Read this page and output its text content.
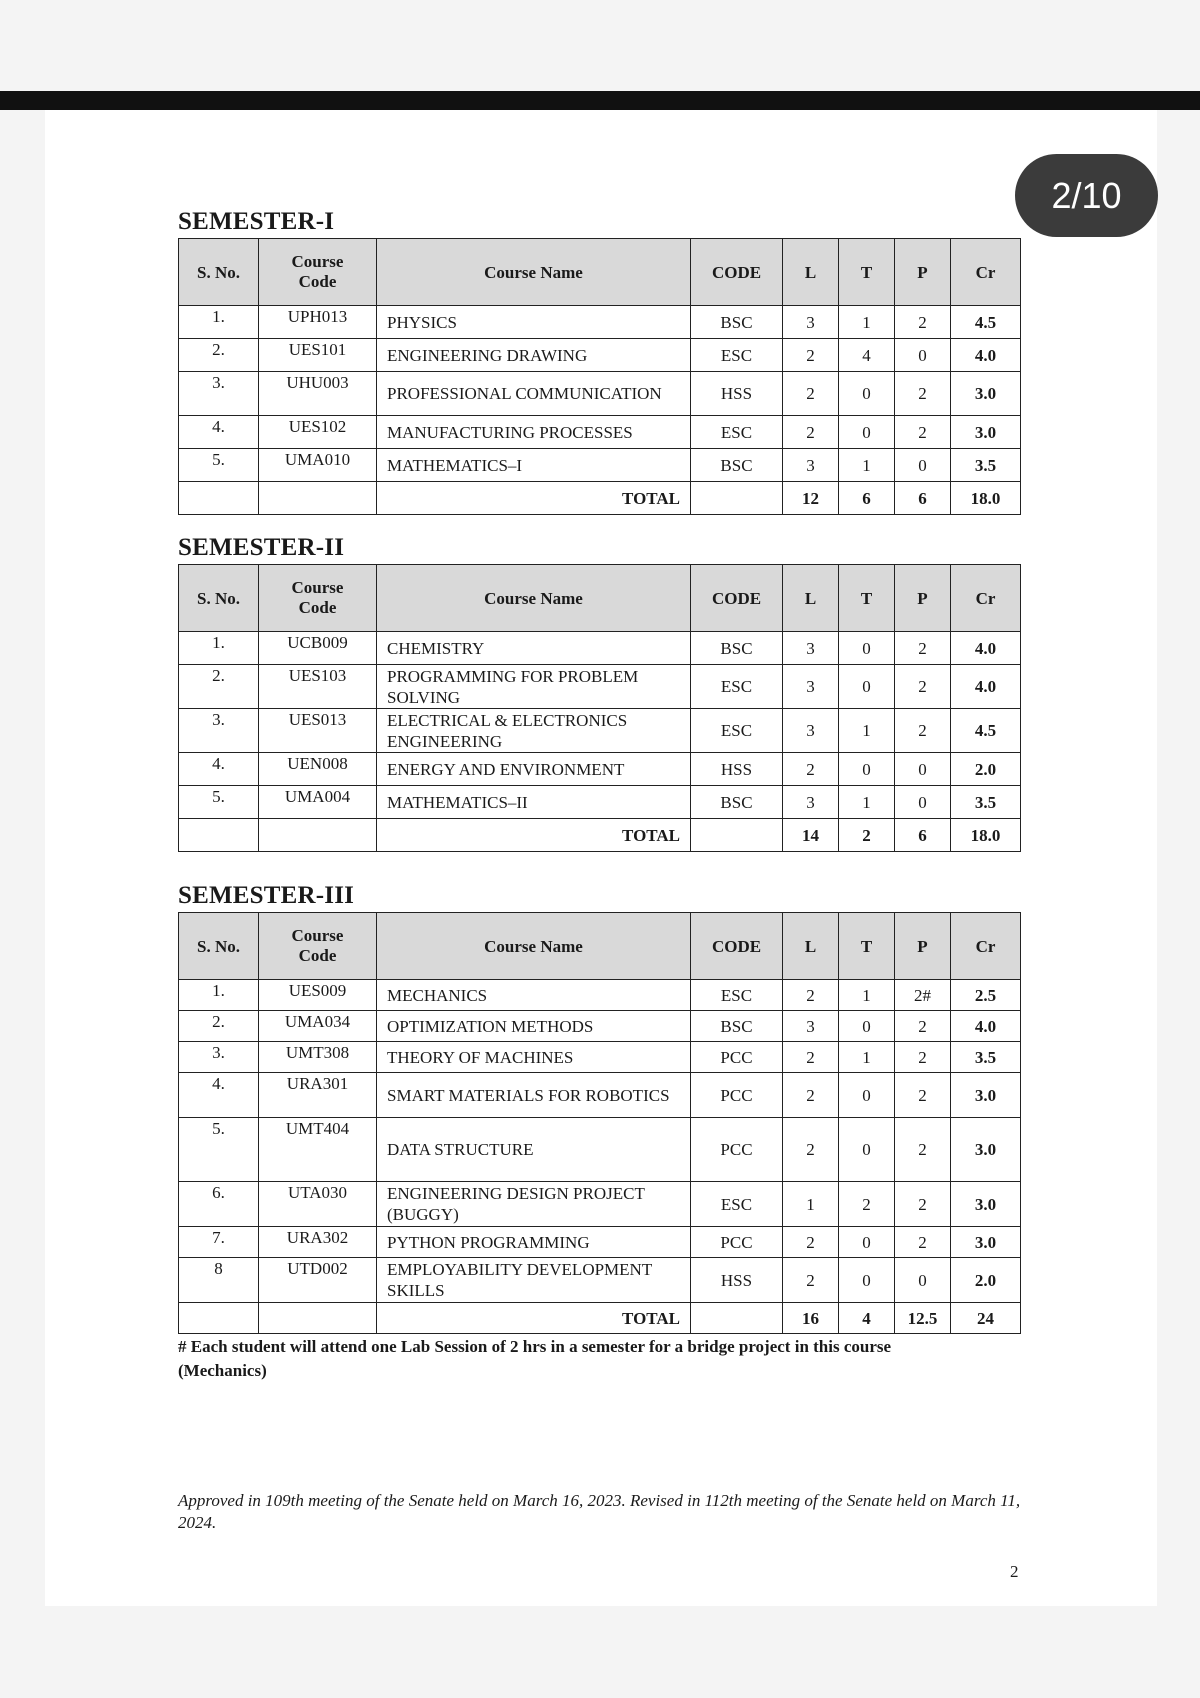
2/10
SEMESTER-I
S. No.	Course Code	Course Name	CODE	L	T	P	Cr
1.	UPH013	PHYSICS	BSC	3	1	2	4.5
2.	UES101	ENGINEERING DRAWING	ESC	2	4	0	4.0
3.	UHU003	PROFESSIONAL COMMUNICATION	HSS	2	0	2	3.0
4.	UES102	MANUFACTURING PROCESSES	ESC	2	0	2	3.0
5.	UMA010	MATHEMATICS–I	BSC	3	1	0	3.5
		TOTAL		12	6	6	18.0
SEMESTER-II
S. No.	Course Code	Course Name	CODE	L	T	P	Cr
1.	UCB009	CHEMISTRY	BSC	3	0	2	4.0
2.	UES103	PROGRAMMING FOR PROBLEM SOLVING	ESC	3	0	2	4.0
3.	UES013	ELECTRICAL & ELECTRONICS ENGINEERING	ESC	3	1	2	4.5
4.	UEN008	ENERGY AND ENVIRONMENT	HSS	2	0	0	2.0
5.	UMA004	MATHEMATICS–II	BSC	3	1	0	3.5
		TOTAL		14	2	6	18.0
SEMESTER-III
S. No.	Course Code	Course Name	CODE	L	T	P	Cr
1.	UES009	MECHANICS	ESC	2	1	2#	2.5
2.	UMA034	OPTIMIZATION METHODS	BSC	3	0	2	4.0
3.	UMT308	THEORY OF MACHINES	PCC	2	1	2	3.5
4.	URA301	SMART MATERIALS FOR ROBOTICS	PCC	2	0	2	3.0
5.	UMT404	DATA STRUCTURE	PCC	2	0	2	3.0
6.	UTA030	ENGINEERING DESIGN PROJECT (BUGGY)	ESC	1	2	2	3.0
7.	URA302	PYTHON PROGRAMMING	PCC	2	0	2	3.0
8	UTD002	EMPLOYABILITY DEVELOPMENT SKILLS	HSS	2	0	0	2.0
		TOTAL		16	4	12.5	24
# Each student will attend one Lab Session of 2 hrs in a semester for a bridge project in this course (Mechanics)
Approved in 109th meeting of the Senate held on March 16, 2023. Revised in 112th meeting of the Senate held on March 11, 2024.
2
